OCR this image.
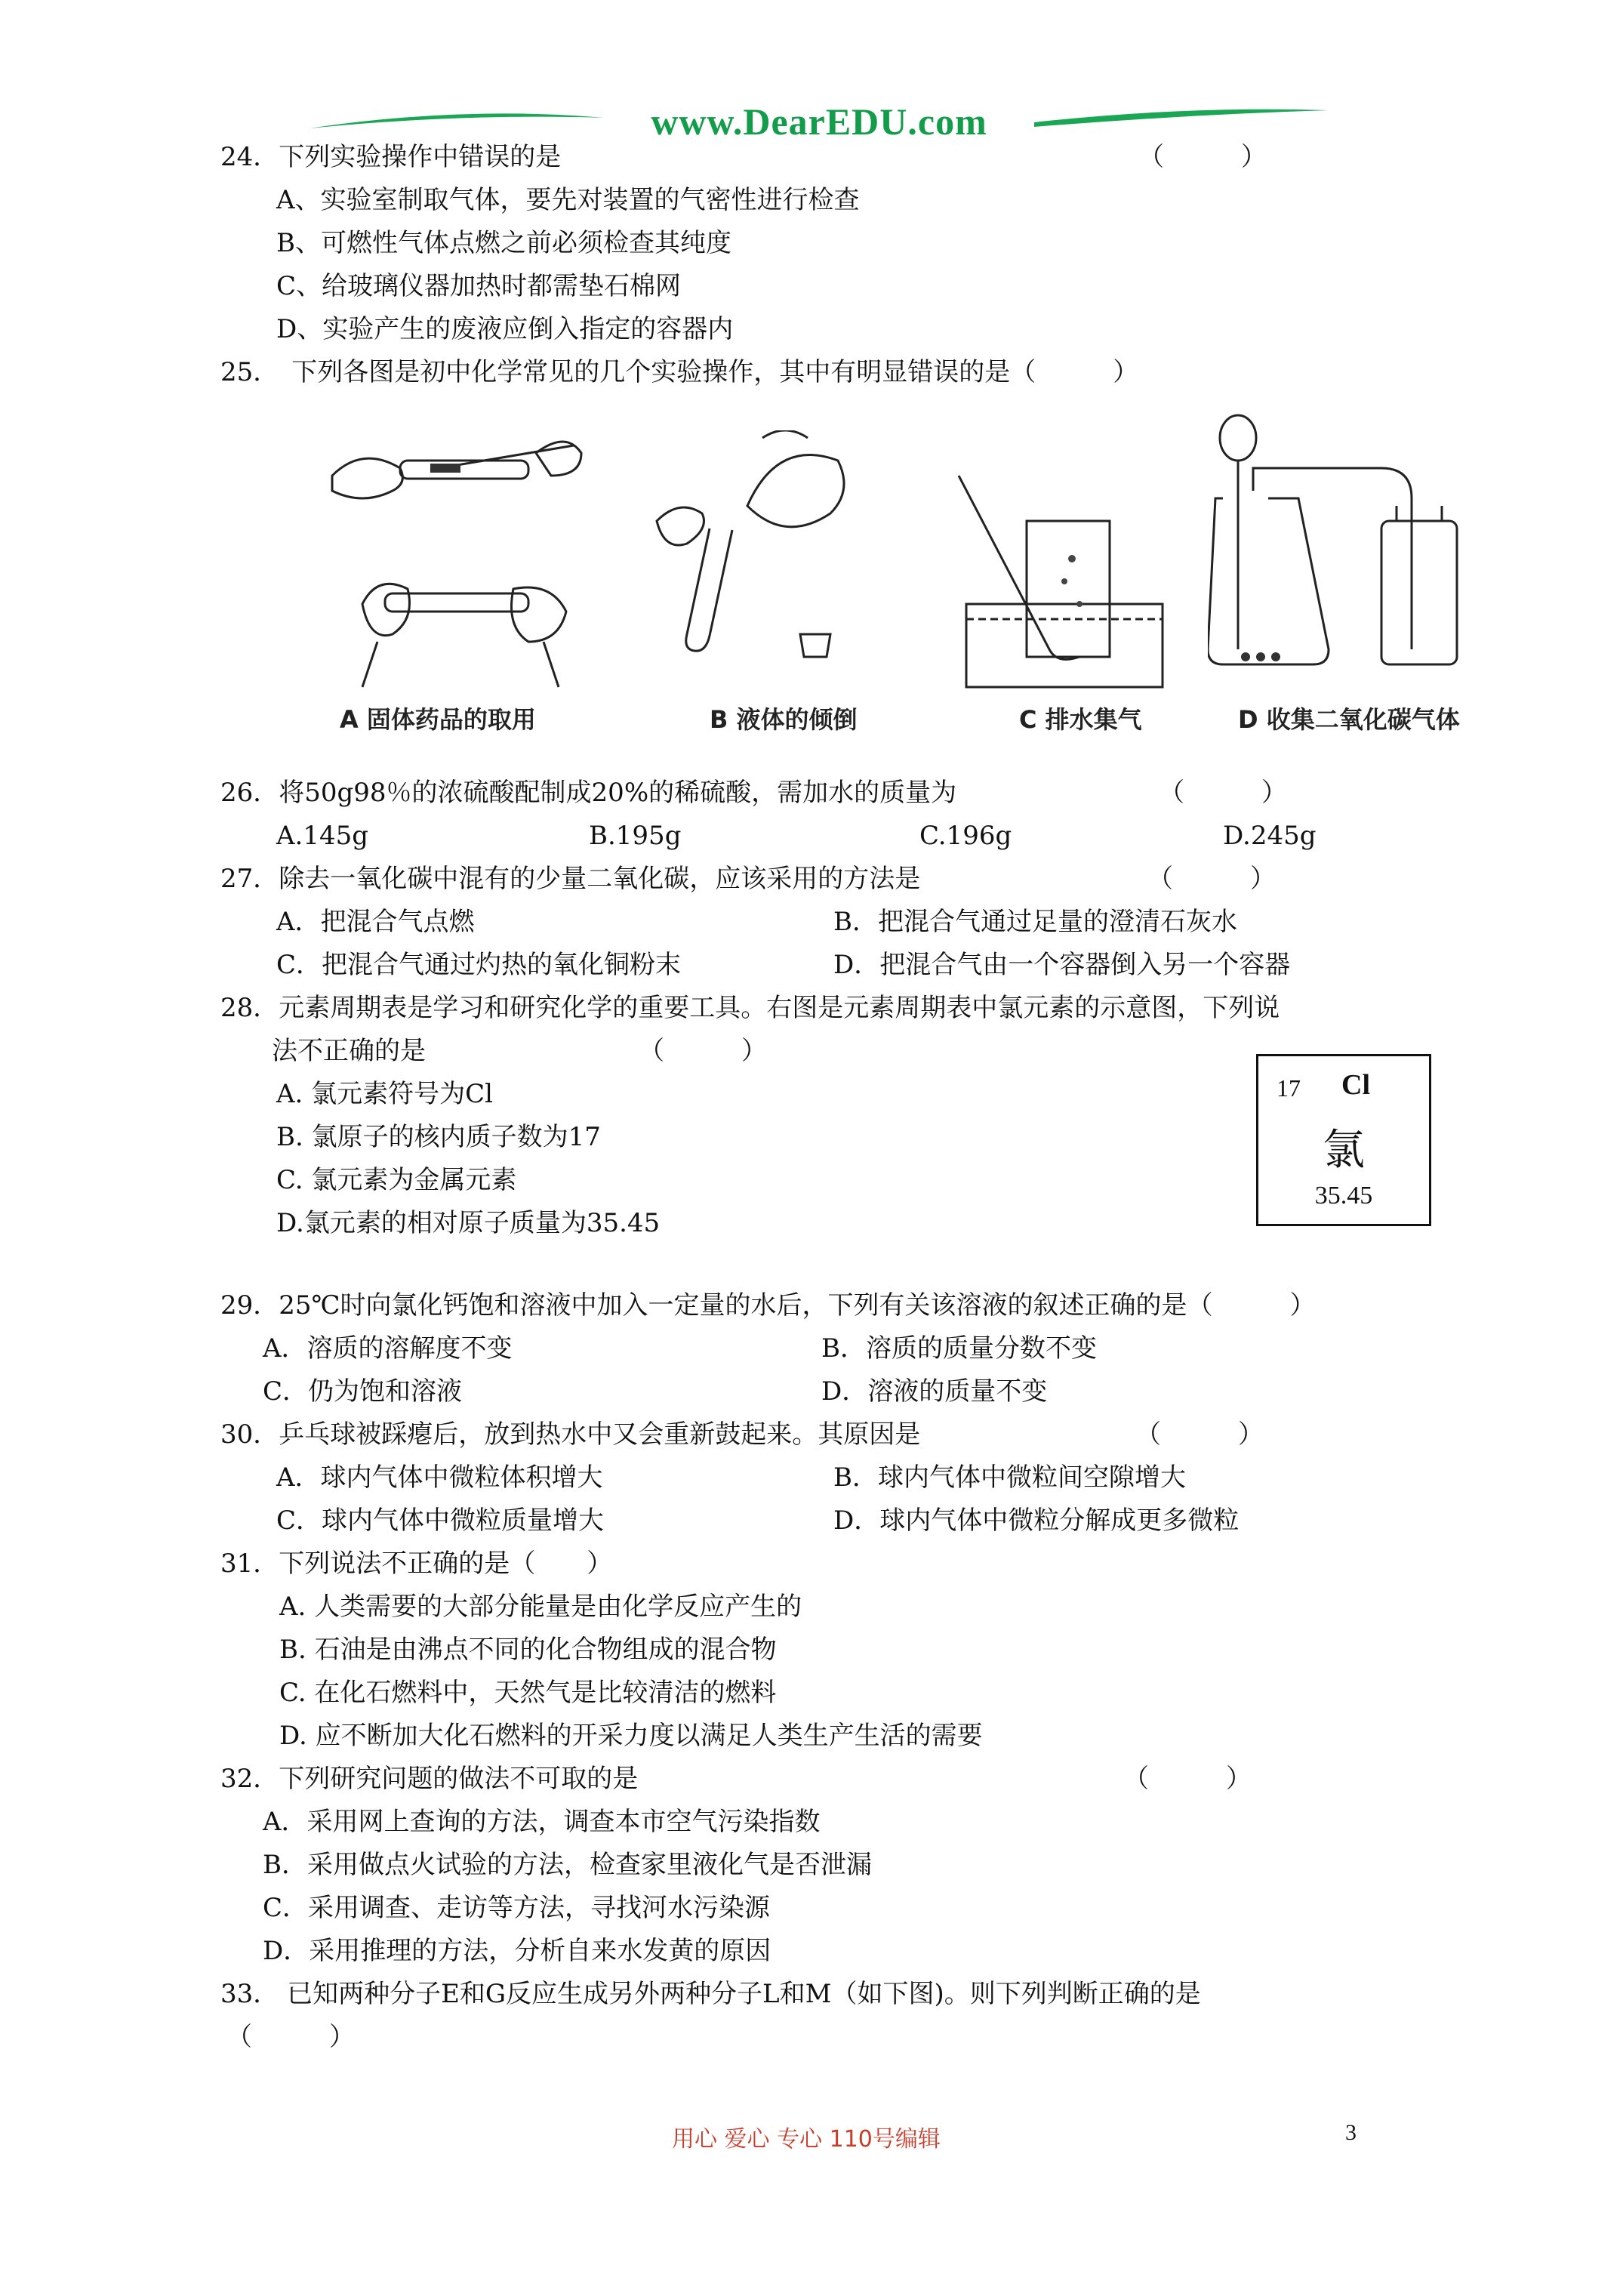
www.DearEDU.com
24．下列实验操作中错误的是	（　　　）
A、实验室制取气体，要先对装置的气密性进行检查
B、可燃性气体点燃之前必须检查其纯度
C、给玻璃仪器加热时都需垫石棉网
D、实验产生的废液应倒入指定的容器内
25．　下列各图是初中化学常见的几个实验操作，其中有明显错误的是（　　　）
A 固体药品的取用	B 液体的倾倒	C 排水集气	D 收集二氧化碳气体
26．将50g98％的浓硫酸配制成20%的稀硫酸，需加水的质量为	（　　　）
A.145g	B.195g	C.196g	D.245g
27．除去一氧化碳中混有的少量二氧化碳，应该采用的方法是	（　　　）
A．把混合气点燃	B．把混合气通过足量的澄清石灰水
C．把混合气通过灼热的氧化铜粉末	D．把混合气由一个容器倒入另一个容器
28．元素周期表是学习和研究化学的重要工具。右图是元素周期表中氯元素的示意图，下列说
法不正确的是	（　　　）
A. 氯元素符号为Cl
B. 氯原子的核内质子数为17
C. 氯元素为金属元素
D.氯元素的相对原子质量为35.45
17 Cl
氯
35.45
29．25℃时向氯化钙饱和溶液中加入一定量的水后，下列有关该溶液的叙述正确的是（　　　）
A．溶质的溶解度不变	B．溶质的质量分数不变
C．仍为饱和溶液	D．溶液的质量不变
30．乒乓球被踩瘪后，放到热水中又会重新鼓起来。其原因是	（　　　）
A．球内气体中微粒体积增大	B．球内气体中微粒间空隙增大
C．球内气体中微粒质量增大	D．球内气体中微粒分解成更多微粒
31．下列说法不正确的是（　　）
A. 人类需要的大部分能量是由化学反应产生的
B. 石油是由沸点不同的化合物组成的混合物
C. 在化石燃料中，天然气是比较清洁的燃料
D. 应不断加大化石燃料的开采力度以满足人类生产生活的需要
32．下列研究问题的做法不可取的是	（　　　）
A．采用网上查询的方法，调查本市空气污染指数
B．采用做点火试验的方法，检查家里液化气是否泄漏
C．采用调查、走访等方法，寻找河水污染源
D．采用推理的方法，分析自来水发黄的原因
33． 已知两种分子E和G反应生成另外两种分子L和M（如下图)。则下列判断正确的是
（　　　）
用心 爱心 专心 110号编辑	3
